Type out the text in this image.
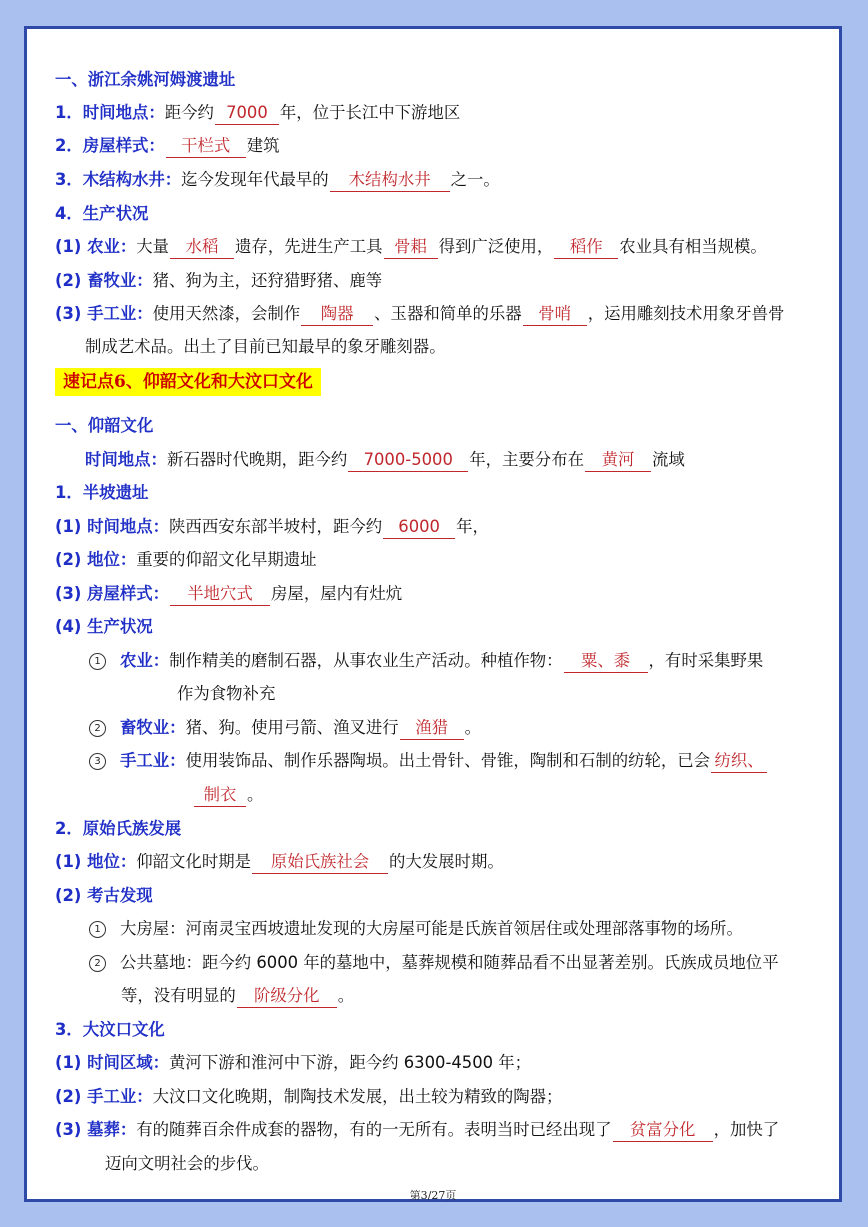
一、浙江余姚河姆渡遗址
1．时间地点：距今约 7000 年，位于长江中下游地区
2．房屋样式： 干栏式 建筑
3．木结构水井：迄今发现年代最早的 木结构水井 之一。
4．生产状况
(1) 农业：大量 水稻 遗存，先进生产工具 骨耜 得到广泛使用， 稻作 农业具有相当规模。
(2) 畜牧业：猪、狗为主，还狩猎野猪、鹿等
(3) 手工业：使用天然漆，会制作 陶器 、玉器和简单的乐器 骨哨 ，运用雕刻技术用象牙兽骨
制成艺术品。出土了目前已知最早的象牙雕刻器。
速记点6、仰韶文化和大汶口文化
一、仰韶文化
时间地点：新石器时代晚期，距今约 7000-5000 年，主要分布在 黄河 流域
1．半坡遗址
(1) 时间地点：陕西西安东部半坡村，距今约 6000 年，
(2) 地位：重要的仰韶文化早期遗址
(3) 房屋样式： 半地穴式 房屋，屋内有灶炕
(4) 生产状况
1 农业：制作精美的磨制石器，从事农业生产活动。种植作物： 粟、黍 ，有时采集野果
作为食物补充
2 畜牧业：猪、狗。使用弓箭、渔叉进行 渔猎 。
3 手工业：使用装饰品、制作乐器陶埙。出土骨针、骨锥，陶制和石制的纺轮，已会 纺织、
制衣 。
2．原始氏族发展
(1) 地位：仰韶文化时期是 原始氏族社会 的大发展时期。
(2) 考古发现
1 大房屋：河南灵宝西坡遗址发现的大房屋可能是氏族首领居住或处理部落事物的场所。
2 公共墓地：距今约 6000 年的墓地中，墓葬规模和随葬品看不出显著差别。氏族成员地位平
等，没有明显的 阶级分化 。
3．大汶口文化
(1) 时间区域：黄河下游和淮河中下游，距今约 6300-4500 年；
(2) 手工业：大汶口文化晚期，制陶技术发展，出土较为精致的陶器；
(3) 墓葬：有的随葬百余件成套的器物，有的一无所有。表明当时已经出现了 贫富分化 ，加快了
迈向文明社会的步伐。
第3/27页
